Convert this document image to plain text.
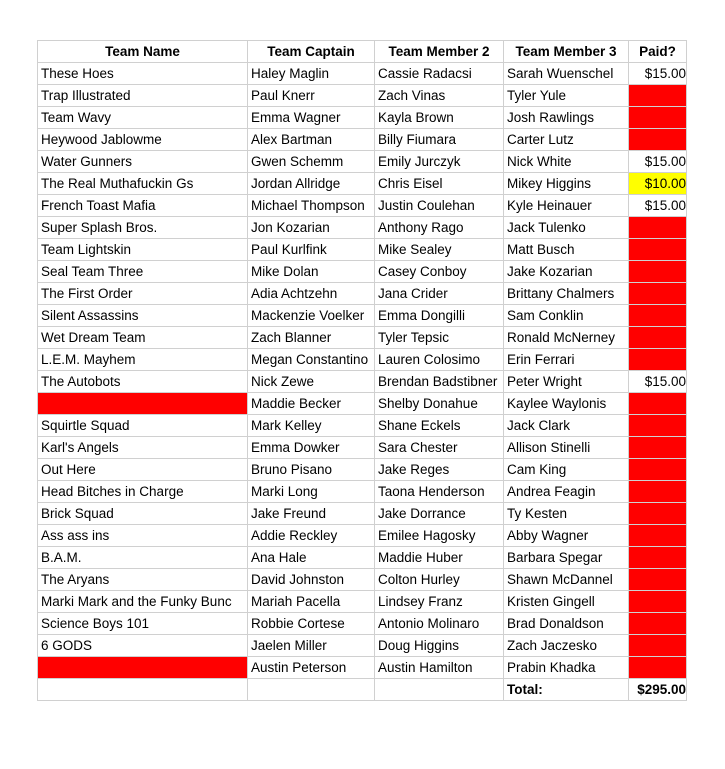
Team Name	Team Captain	Team Member 2	Team Member 3	Paid?
These Hoes	Haley Maglin	Cassie Radacsi	Sarah Wuenschel	$15.00
Trap Illustrated	Paul Knerr	Zach Vinas	Tyler Yule	
Team Wavy	Emma Wagner	Kayla Brown	Josh Rawlings	
Heywood Jablowme	Alex Bartman	Billy Fiumara	Carter Lutz	
Water Gunners	Gwen Schemm	Emily Jurczyk	Nick White	$15.00
The Real Muthafuckin Gs	Jordan Allridge	Chris Eisel	Mikey Higgins	$10.00
French Toast Mafia	Michael Thompson	Justin Coulehan	Kyle Heinauer	$15.00
Super Splash Bros.	Jon Kozarian	Anthony Rago	Jack Tulenko	
Team Lightskin	Paul Kurlfink	Mike Sealey	Matt Busch	
Seal Team Three	Mike Dolan	Casey Conboy	Jake Kozarian	
The First Order	Adia Achtzehn	Jana Crider	Brittany Chalmers	
Silent Assassins	Mackenzie Voelker	Emma Dongilli	Sam Conklin	
Wet Dream Team	Zach Blanner	Tyler Tepsic	Ronald McNerney	
L.E.M. Mayhem	Megan Constantino	Lauren Colosimo	Erin Ferrari	
The Autobots	Nick Zewe	Brendan Badstibner	Peter Wright	$15.00
	Maddie Becker	Shelby Donahue	Kaylee Waylonis	
Squirtle Squad	Mark Kelley	Shane Eckels	Jack Clark	
Karl's Angels	Emma Dowker	Sara Chester	Allison Stinelli	
Out Here	Bruno Pisano	Jake Reges	Cam King	
Head Bitches in Charge	Marki Long	Taona Henderson	Andrea Feagin	
Brick Squad	Jake Freund	Jake Dorrance	Ty Kesten	
Ass ass ins	Addie Reckley	Emilee Hagosky	Abby Wagner	
B.A.M.	Ana Hale	Maddie Huber	Barbara Spegar	
The Aryans	David Johnston	Colton Hurley	Shawn McDannel	
Marki Mark and the Funky Bunc	Mariah Pacella	Lindsey Franz	Kristen Gingell	
Science Boys 101	Robbie Cortese	Antonio Molinaro	Brad Donaldson	
6 GODS	Jaelen Miller	Doug Higgins	Zach Jaczesko	
	Austin Peterson	Austin Hamilton	Prabin Khadka	
			Total:	$295.00
